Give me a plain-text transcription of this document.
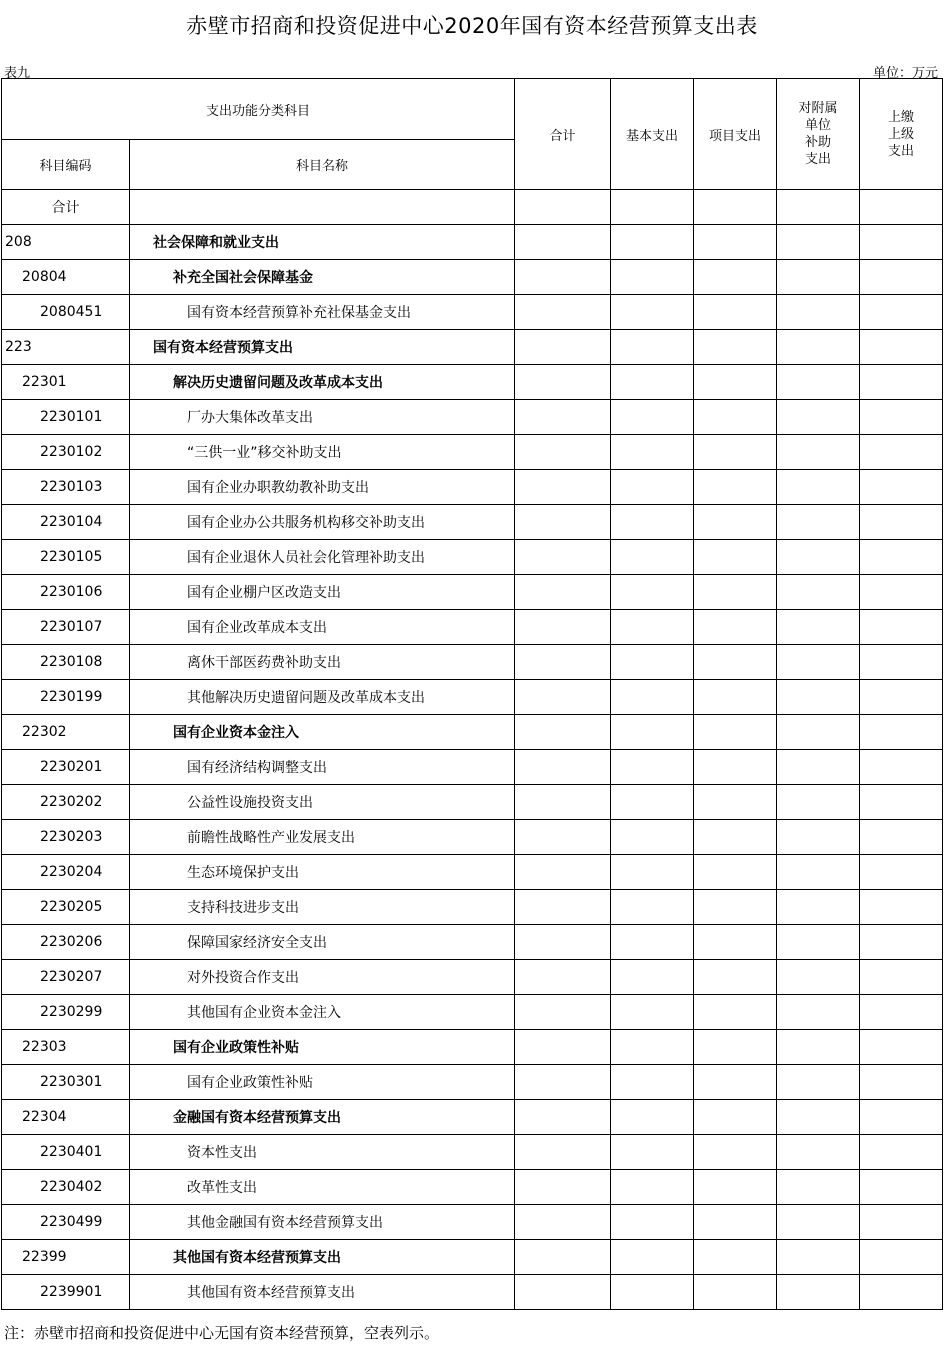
赤壁市招商和投资促进中心2020年国有资本经营预算支出表
表九	单位：万元
支出功能分类科目		合计	基本支出	项目支出	对附属
单位
补助
支出	上缴
上级
支出
科目编码	科目名称					
合计						
208	社会保障和就业支出					
20804	补充全国社会保障基金					
2080451	国有资本经营预算补充社保基金支出					
223	国有资本经营预算支出					
22301	解决历史遗留问题及改革成本支出					
2230101	厂办大集体改革支出					
2230102	“三供一业”移交补助支出					
2230103	国有企业办职教幼教补助支出					
2230104	国有企业办公共服务机构移交补助支出					
2230105	国有企业退休人员社会化管理补助支出					
2230106	国有企业棚户区改造支出					
2230107	国有企业改革成本支出					
2230108	离休干部医药费补助支出					
2230199	其他解决历史遗留问题及改革成本支出					
22302	国有企业资本金注入					
2230201	国有经济结构调整支出					
2230202	公益性设施投资支出					
2230203	前瞻性战略性产业发展支出					
2230204	生态环境保护支出					
2230205	支持科技进步支出					
2230206	保障国家经济安全支出					
2230207	对外投资合作支出					
2230299	其他国有企业资本金注入					
22303	国有企业政策性补贴					
2230301	国有企业政策性补贴					
22304	金融国有资本经营预算支出					
2230401	资本性支出					
2230402	改革性支出					
2230499	其他金融国有资本经营预算支出					
22399	其他国有资本经营预算支出					
2239901	其他国有资本经营预算支出					
注：赤壁市招商和投资促进中心无国有资本经营预算，空表列示。
